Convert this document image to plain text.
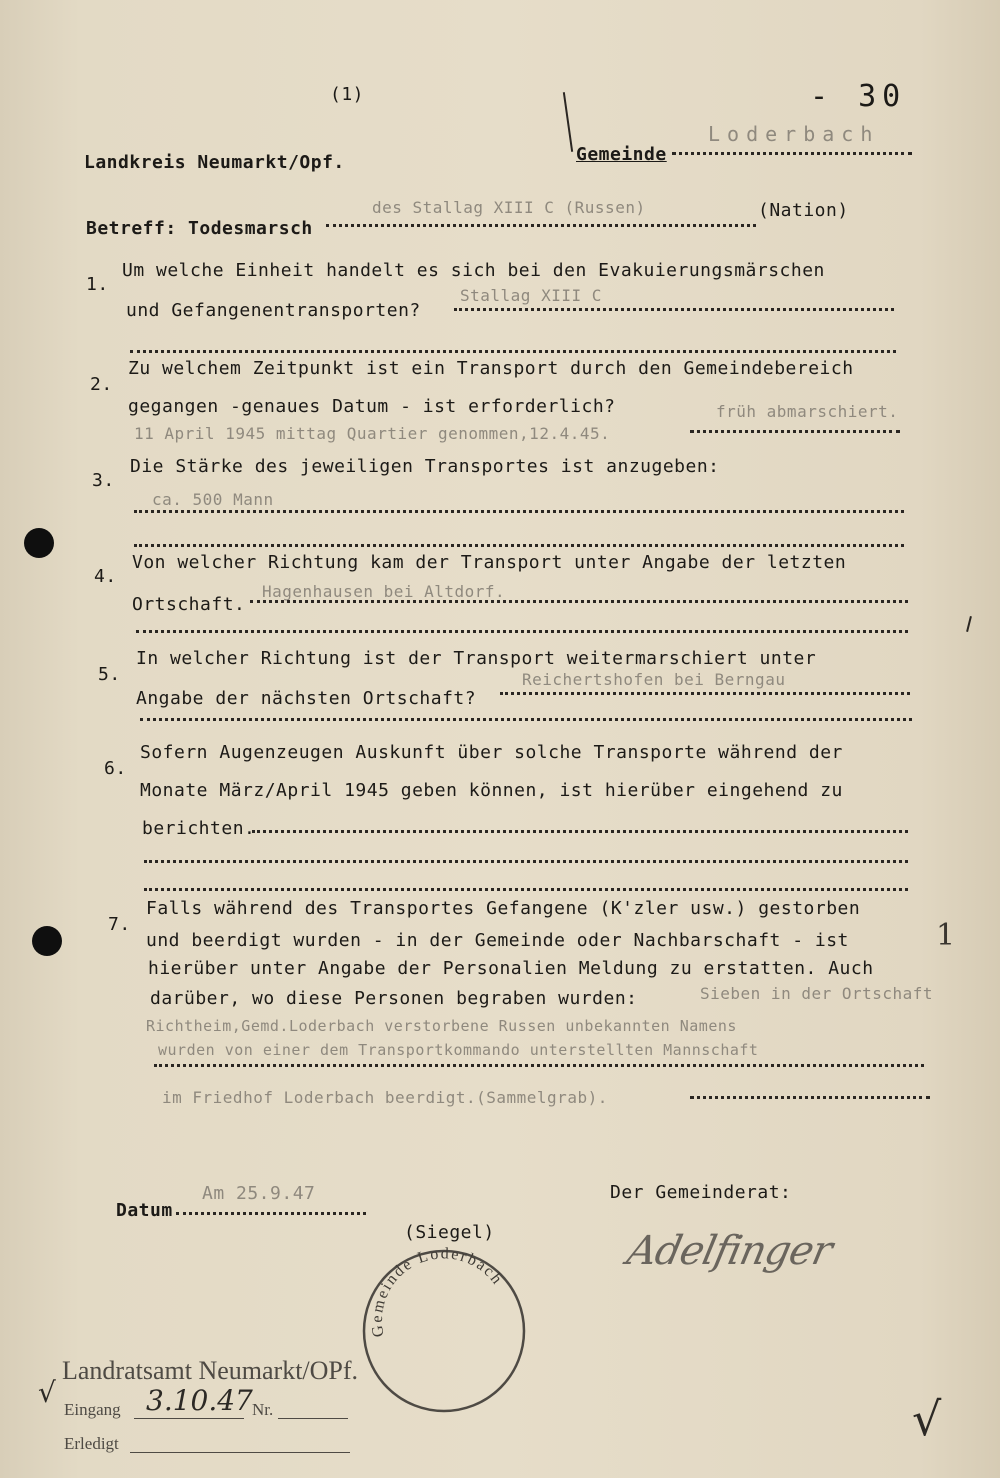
(1)	- 30
Landkreis Neumarkt/Opf.	Gemeinde
Loderbach
Betreff: Todesmarsch
des Stallag XIII C (Russen)	(Nation)
1.
Um welche Einheit handelt es sich bei den Evakuierungsmärschen
und Gefangenentransporten?
Stallag XIII C
2.
Zu welchem Zeitpunkt ist ein Transport durch den Gemeindebereich
gegangen -genaues Datum - ist erforderlich?	früh abmarschiert.
11 April 1945 mittag Quartier genommen,12.4.45.
3.
Die Stärke des jeweiligen Transportes ist anzugeben:
ca. 500 Mann
4.
Von welcher Richtung kam der Transport unter Angabe der letzten
Ortschaft.
Hagenhausen bei Altdorf.
5.
In welcher Richtung ist der Transport weitermarschiert unter
Angabe der nächsten Ortschaft?
Reichertshofen bei Berngau
6.
Sofern Augenzeugen Auskunft über solche Transporte während der
Monate März/April 1945 geben können, ist hierüber eingehend zu
berichten.
7.
Falls während des Transportes Gefangene (K'zler usw.) gestorben
und beerdigt wurden - in der Gemeinde oder Nachbarschaft - ist
hierüber unter Angabe der Personalien Meldung zu erstatten. Auch
darüber, wo diese Personen begraben wurden:	Sieben in der Ortschaft
Richtheim,Gemd.Loderbach verstorbene Russen unbekannten Namens
wurden von einer dem Transportkommando unterstellten Mannschaft
im Friedhof Loderbach beerdigt.(Sammelgrab).
1
Datum
Am 25.9.47	Der Gemeinderat:
(Siegel)
Gemeinde Loderbach
Adelfinger
Landratsamt Neumarkt/OPf.
Eingang 3.10.47 Nr.
Erledigt
√	√
